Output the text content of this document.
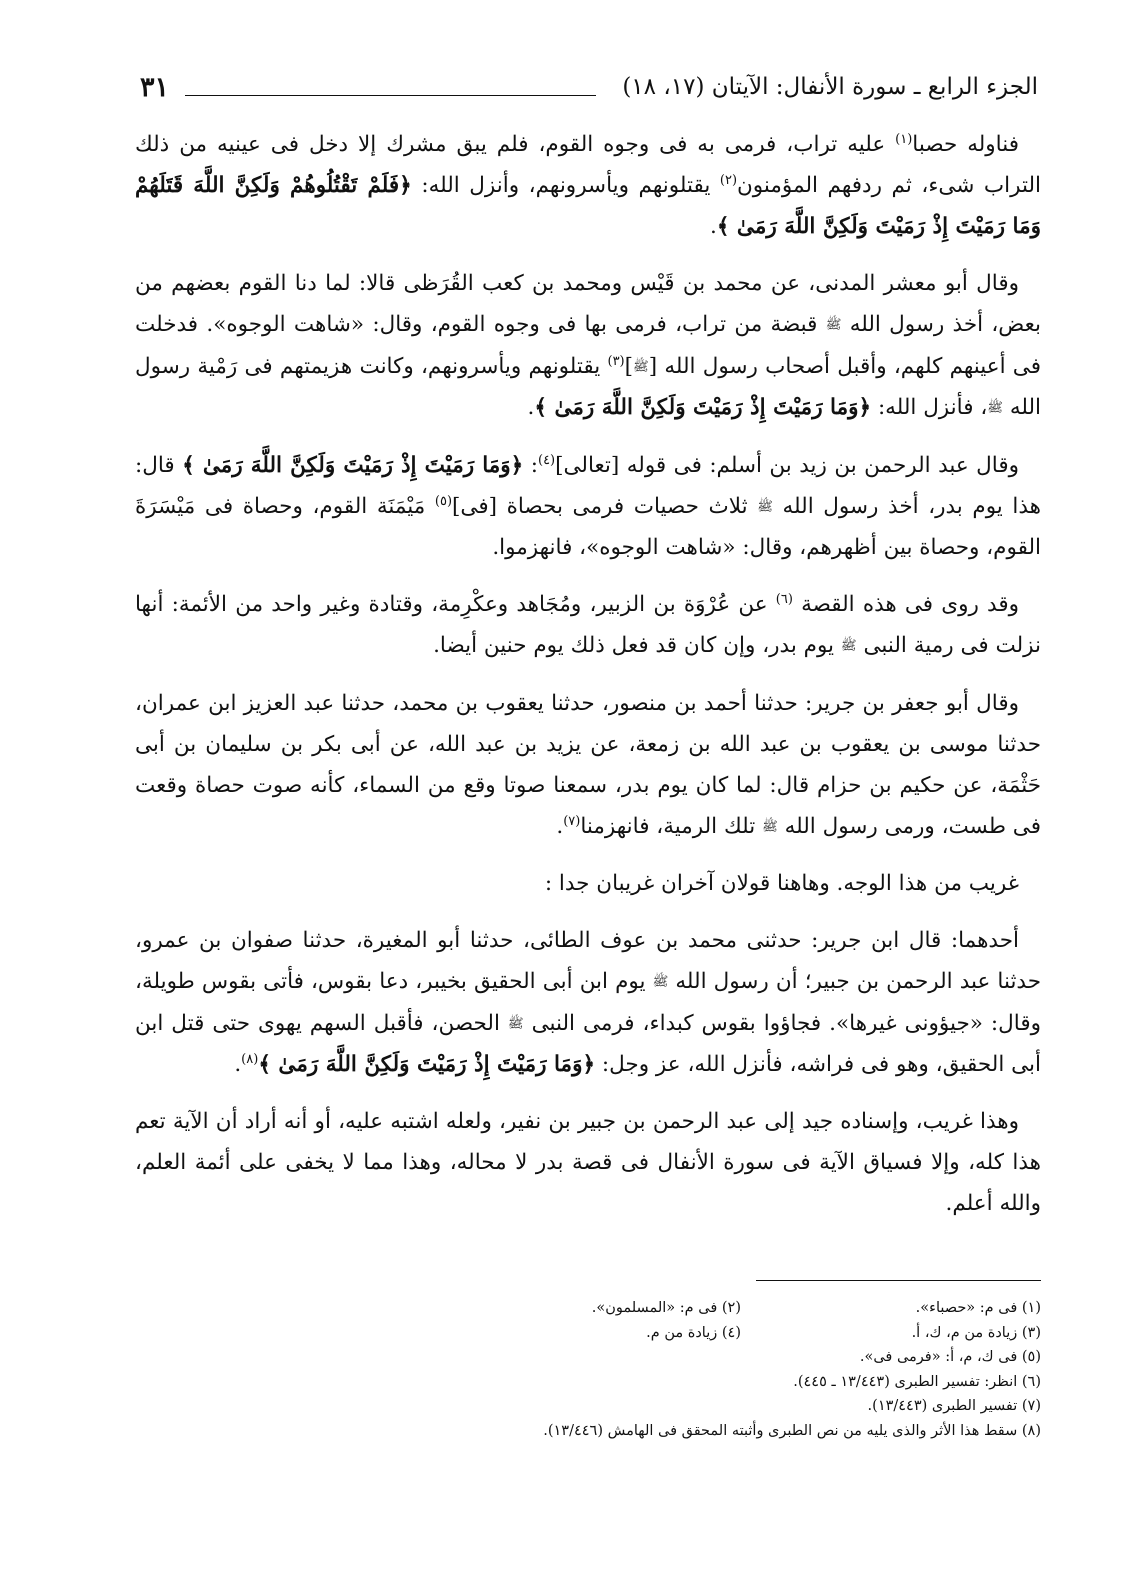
الجزء الرابع ـ سورة الأنفال: الآيتان (١٧، ١٨)
٣١

فناوله حصبا$^{(١)}$ عليه تراب، فرمى به فى وجوه القوم، فلم يبق مشرك إلا دخل فى عينيه من ذلك التراب شىء، ثم ردفهم المؤمنون$^{(٢)}$ يقتلونهم ويأسرونهم، وأنزل الله: ﴿فَلَمْ تَقْتُلُوهُمْ وَلَكِنَّ اللَّهَ قَتَلَهُمْ وَمَا رَمَيْتَ إِذْ رَمَيْتَ وَلَكِنَّ اللَّهَ رَمَىٰ ﴾.

وقال أبو معشر المدنى، عن محمد بن قَيْس ومحمد بن كعب القُرَظى قالا: لما دنا القوم بعضهم من بعض، أخذ رسول الله ﷺ قبضة من تراب، فرمى بها فى وجوه القوم، وقال: «شاهت الوجوه». فدخلت فى أعينهم كلهم، وأقبل أصحاب رسول الله [ﷺ]$^{(٣)}$ يقتلونهم ويأسرونهم، وكانت هزيمتهم فى رَمْية رسول الله ﷺ، فأنزل الله: ﴿وَمَا رَمَيْتَ إِذْ رَمَيْتَ وَلَكِنَّ اللَّهَ رَمَىٰ ﴾.

وقال عبد الرحمن بن زيد بن أسلم: فى قوله [تعالى]$^{(٤)}$: ﴿وَمَا رَمَيْتَ إِذْ رَمَيْتَ وَلَكِنَّ اللَّهَ رَمَىٰ ﴾ قال: هذا يوم بدر، أخذ رسول الله ﷺ ثلاث حصيات فرمى بحصاة [فى]$^{(٥)}$ مَيْمَنَة القوم، وحصاة فى مَيْسَرَةَ القوم، وحصاة بين أظهرهم، وقال: «شاهت الوجوه»، فانهزموا.

وقد روى فى هذه القصة $^{(٦)}$ عن عُرْوَة بن الزبير، ومُجَاهد وعكْرِمة، وقتادة وغير واحد من الأئمة: أنها نزلت فى رمية النبى ﷺ يوم بدر، وإن كان قد فعل ذلك يوم حنين أيضا.

وقال أبو جعفر بن جرير: حدثنا أحمد بن منصور، حدثنا يعقوب بن محمد، حدثنا عبد العزيز ابن عمران، حدثنا موسى بن يعقوب بن عبد الله بن زمعة، عن يزيد بن عبد الله، عن أبى بكر بن سليمان بن أبى حَثْمَة، عن حكيم بن حزام قال: لما كان يوم بدر، سمعنا صوتا وقع من السماء، كأنه صوت حصاة وقعت فى طست، ورمى رسول الله ﷺ تلك الرمية، فانهزمنا$^{(٧)}$.

غريب من هذا الوجه. وهاهنا قولان آخران غريبان جدا :

أحدهما: قال ابن جرير: حدثنى محمد بن عوف الطائى، حدثنا أبو المغيرة، حدثنا صفوان بن عمرو، حدثنا عبد الرحمن بن جبير؛ أن رسول الله ﷺ يوم ابن أبى الحقيق بخيبر، دعا بقوس، فأتى بقوس طويلة، وقال: «جيؤونى غيرها». فجاؤوا بقوس كبداء، فرمى النبى ﷺ الحصن، فأقبل السهم يهوى حتى قتل ابن أبى الحقيق، وهو فى فراشه، فأنزل الله، عز وجل: ﴿وَمَا رَمَيْتَ إِذْ رَمَيْتَ وَلَكِنَّ اللَّهَ رَمَىٰ ﴾$^{(٨)}$.

وهذا غريب، وإسناده جيد إلى عبد الرحمن بن جبير بن نفير، ولعله اشتبه عليه، أو أنه أراد أن الآية تعم هذا كله، وإلا فسياق الآية فى سورة الأنفال فى قصة بدر لا محاله، وهذا مما لا يخفى على أئمة العلم، والله أعلم.

(١) فى م: «حصباء».
(٢) فى م: «المسلمون».
(٣) زيادة من م، ك، أ.
(٤) زيادة من م.
(٥) فى ك، م، أ: «فرمى فى».
(٦) انظر: تفسير الطبرى (١٣/٤٤٣ ـ ٤٤٥).
(٧) تفسير الطبرى (١٣/٤٤٣).
(٨) سقط هذا الأثر والذى يليه من نص الطبرى وأثبته المحقق فى الهامش (١٣/٤٤٦).
